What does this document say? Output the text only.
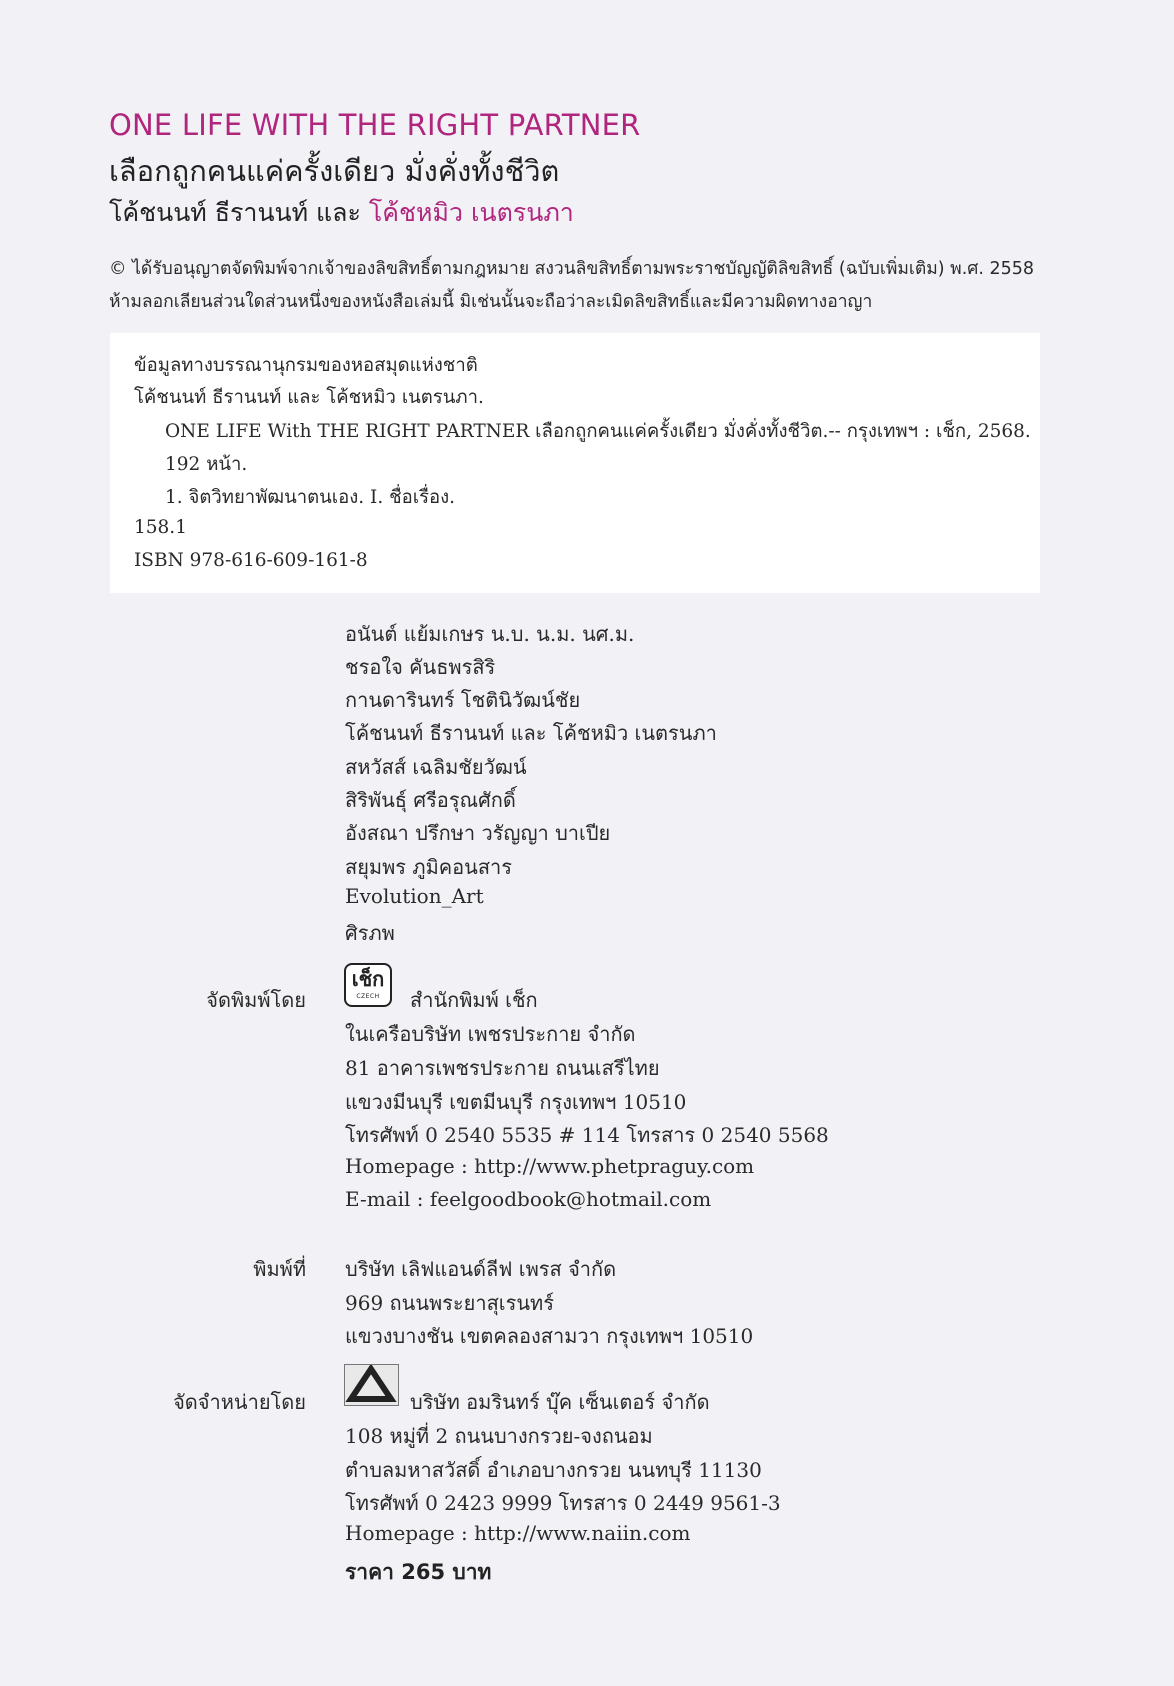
ONE LIFE WITH THE RIGHT PARTNER
เลือกถูกคนแค่ครั้งเดียว มั่งคั่งทั้งชีวิต
โค้ชนนท์ ธีรานนท์ และ โค้ชหมิว เนตรนภา
© ได้รับอนุญาตจัดพิมพ์จากเจ้าของลิขสิทธิ์ตามกฎหมาย สงวนลิขสิทธิ์ตามพระราชบัญญัติลิขสิทธิ์ (ฉบับเพิ่มเติม) พ.ศ. 2558
ห้ามลอกเลียนส่วนใดส่วนหนึ่งของหนังสือเล่มนี้ มิเช่นนั้นจะถือว่าละเมิดลิขสิทธิ์และมีความผิดทางอาญา
ข้อมูลทางบรรณานุกรมของหอสมุดแห่งชาติ
โค้ชนนท์ ธีรานนท์ และ โค้ชหมิว เนตรนภา.
ONE LIFE With THE RIGHT PARTNER เลือกถูกคนแค่ครั้งเดียว มั่งคั่งทั้งชีวิต.-- กรุงเทพฯ : เช็ก, 2568.
192 หน้า.
1. จิตวิทยาพัฒนาตนเอง. I. ชื่อเรื่อง.
158.1
ISBN 978-616-609-161-8
อนันต์ แย้มเกษร น.บ. น.ม. นศ.ม.
ชรอใจ คันธพรสิริ
กานดารินทร์ โชตินิวัฒน์ชัย
โค้ชนนท์ ธีรานนท์ และ โค้ชหมิว เนตรนภา
สหวัสส์ เฉลิมชัยวัฒน์
สิริพันธุ์ ศรีอรุณศักดิ์
อังสณา ปรึกษา วรัญญา บาเปีย
สยุมพร ภูมิคอนสาร
Evolution_Art
ศิรภพ
จัดพิมพ์โดย
เช็ก
CZECH	สำนักพิมพ์ เช็ก
ในเครือบริษัท เพชรประกาย จำกัด
81 อาคารเพชรประกาย ถนนเสรีไทย
แขวงมีนบุรี เขตมีนบุรี กรุงเทพฯ 10510
โทรศัพท์ 0 2540 5535 # 114 โทรสาร 0 2540 5568
Homepage : http://www.phetpraguy.com
E-mail : feelgoodbook@hotmail.com
พิมพ์ที่ บริษัท เลิฟแอนด์ลีฟ เพรส จำกัด
969 ถนนพระยาสุเรนทร์
แขวงบางชัน เขตคลองสามวา กรุงเทพฯ 10510
จัดจำหน่ายโดย	บริษัท อมรินทร์ บุ๊ค เซ็นเตอร์ จำกัด
108 หมู่ที่ 2 ถนนบางกรวย-จงถนอม
ตำบลมหาสวัสดิ์ อำเภอบางกรวย นนทบุรี 11130
โทรศัพท์ 0 2423 9999 โทรสาร 0 2449 9561-3
Homepage : http://www.naiin.com
ราคา 265 บาท
